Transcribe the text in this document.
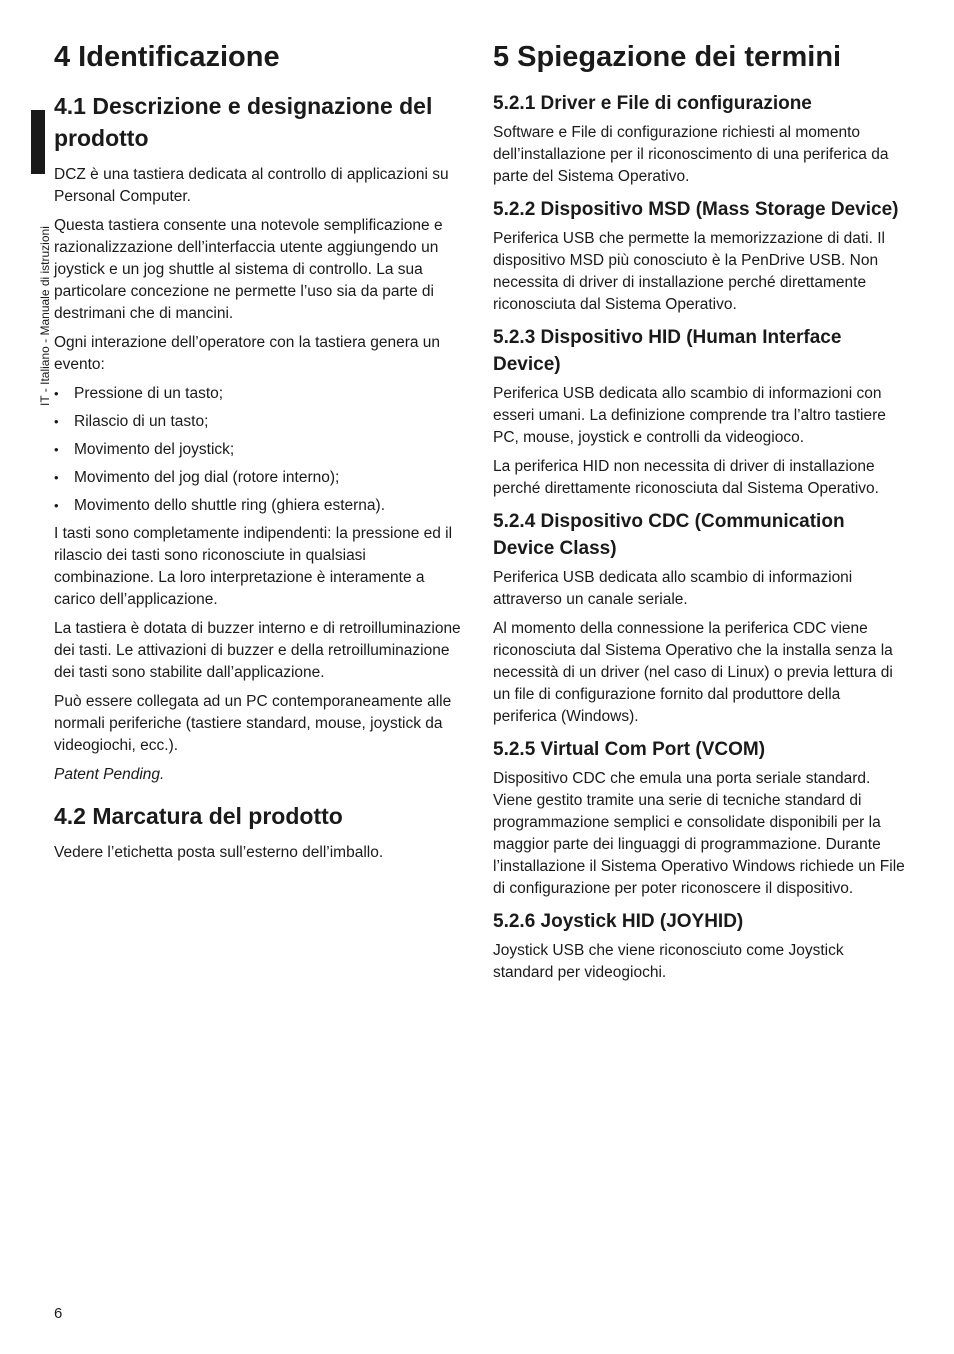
IT - Italiano - Manuale di istruzioni
4 Identificazione
4.1 Descrizione e designazione del prodotto

DCZ è una tastiera dedicata al controllo di applicazioni su Personal Computer.

Questa tastiera consente una notevole semplificazione e razionalizzazione dell’interfaccia utente aggiungendo un joystick e un jog shuttle al sistema di controllo. La sua particolare concezione ne permette l’uso sia da parte di destrimani che di mancini.

Ogni interazione dell’operatore con la tastiera genera un evento:

• Pressione di un tasto;
• Rilascio di un tasto;
• Movimento del joystick;
• Movimento del jog dial (rotore interno);
• Movimento dello shuttle ring (ghiera esterna).

I tasti sono completamente indipendenti: la pressione ed il rilascio dei tasti sono riconosciute in qualsiasi combinazione. La loro interpretazione è interamente a carico dell’applicazione.

La tastiera è dotata di buzzer interno e di retroilluminazione dei tasti. Le attivazioni di buzzer e della retroilluminazione dei tasti sono stabilite dall’applicazione.

Può essere collegata ad un PC contemporaneamente alle normali periferiche (tastiere standard, mouse, joystick da videogiochi, ecc.).

Patent Pending.

4.2 Marcatura del prodotto

Vedere l’etichetta posta sull’esterno dell’imballo.

5 Spiegazione dei termini
5.2.1 Driver e File di configurazione

Software e File di configurazione richiesti al momento dell’installazione per il riconoscimento di una periferica da parte del Sistema Operativo.

5.2.2 Dispositivo MSD (Mass Storage Device)

Periferica USB che permette la memorizzazione di dati. Il dispositivo MSD più conosciuto è la PenDrive USB. Non necessita di driver di installazione perché direttamente riconosciuta dal Sistema Operativo.

5.2.3 Dispositivo HID (Human Interface Device)

Periferica USB dedicata allo scambio di informazioni con esseri umani. La definizione comprende tra l’altro tastiere PC, mouse, joystick e controlli da videogioco.

La periferica HID non necessita di driver di installazione perché direttamente riconosciuta dal Sistema Operativo.

5.2.4 Dispositivo CDC (Communication Device Class)

Periferica USB dedicata allo scambio di informazioni attraverso un canale seriale.

Al momento della connessione la periferica CDC viene riconosciuta dal Sistema Operativo che la installa senza la necessità di un driver (nel caso di Linux) o previa lettura di un file di configurazione fornito dal produttore della periferica (Windows).

5.2.5 Virtual Com Port (VCOM)

Dispositivo CDC che emula una porta seriale standard. Viene gestito tramite una serie di tecniche standard di programmazione semplici e consolidate disponibili per la maggior parte dei linguaggi di programmazione. Durante l’installazione il Sistema Operativo Windows richiede un File di configurazione per poter riconoscere il dispositivo.

5.2.6 Joystick HID (JOYHID)

Joystick USB che viene riconosciuto come Joystick standard per videogiochi.

6
